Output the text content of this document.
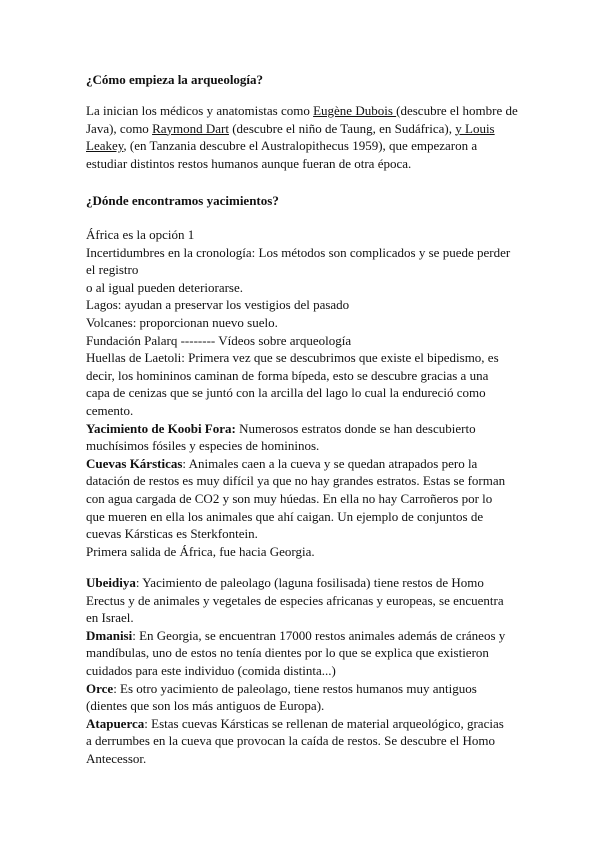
¿Cómo empieza la arqueología?
La inician los médicos y anatomistas como Eugène Dubois (descubre el hombre de
Java), como Raymond Dart (descubre el niño de Taung, en Sudáfrica), y Louis
Leakey, (en Tanzania descubre el Australopithecus 1959), que empezaron a
estudiar distintos restos humanos aunque fueran de otra época.
¿Dónde encontramos yacimientos?
África es la opción 1
Incertidumbres en la cronología: Los métodos son complicados y se puede perder
el registro
o al igual pueden deteriorarse.
Lagos: ayudan a preservar los vestigios del pasado
Volcanes: proporcionan nuevo suelo.
Fundación Palarq -------- Vídeos sobre arqueología
Huellas de Laetoli: Primera vez que se descubrimos que existe el bipedismo, es
decir, los homininos caminan de forma bípeda, esto se descubre gracias a una
capa de cenizas que se juntó con la arcilla del lago lo cual la endureció como
cemento.
Yacimiento de Koobi Fora: Numerosos estratos donde se han descubierto
muchísimos fósiles y especies de homininos.
Cuevas Kársticas: Animales caen a la cueva y se quedan atrapados pero la
datación de restos es muy difícil ya que no hay grandes estratos. Estas se forman
con agua cargada de CO2 y son muy húedas. En ella no hay Carroñeros por lo
que mueren en ella los animales que ahí caigan. Un ejemplo de conjuntos de
cuevas Kársticas es Sterkfontein.
Primera salida de África, fue hacia Georgia.
Ubeidiya: Yacimiento de paleolago (laguna fosilisada) tiene restos de Homo
Erectus y de animales y vegetales de especies africanas y europeas, se encuentra
en Israel.
Dmanisi: En Georgia, se encuentran 17000 restos animales además de cráneos y
mandíbulas, uno de estos no tenía dientes por lo que se explica que existieron
cuidados para este individuo (comida distinta...)
Orce: Es otro yacimiento de paleolago, tiene restos humanos muy antiguos
(dientes que son los más antiguos de Europa).
Atapuerca: Estas cuevas Kársticas se rellenan de material arqueológico, gracias
a derrumbes en la cueva que provocan la caída de restos. Se descubre el Homo
Antecessor.
